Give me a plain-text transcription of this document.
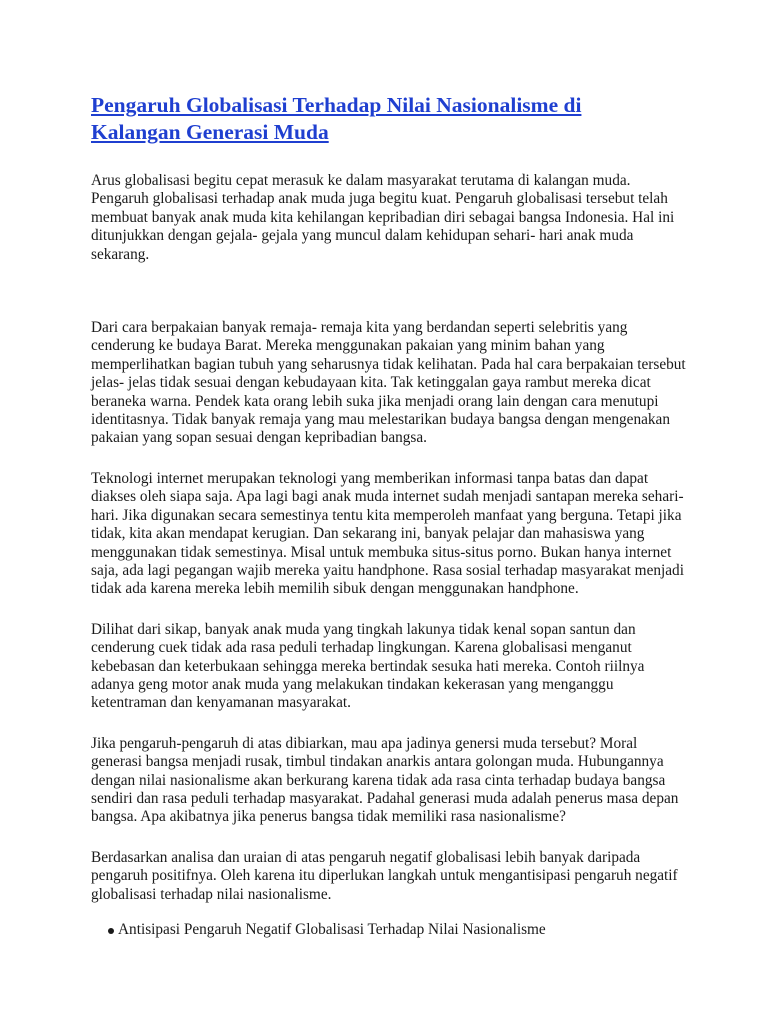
Pengaruh Globalisasi Terhadap Nilai Nasionalisme di
Kalangan Generasi Muda

Arus globalisasi begitu cepat merasuk ke dalam masyarakat terutama di kalangan muda. Pengaruh globalisasi terhadap anak muda juga begitu kuat. Pengaruh globalisasi tersebut telah membuat banyak anak muda kita kehilangan kepribadian diri sebagai bangsa Indonesia. Hal ini ditunjukkan dengan gejala- gejala yang muncul dalam kehidupan sehari- hari anak muda sekarang.

Dari cara berpakaian banyak remaja- remaja kita yang berdandan seperti selebritis yang cenderung ke budaya Barat. Mereka menggunakan pakaian yang minim bahan yang memperlihatkan bagian tubuh yang seharusnya tidak kelihatan. Pada hal cara berpakaian tersebut jelas- jelas tidak sesuai dengan kebudayaan kita. Tak ketinggalan gaya rambut mereka dicat beraneka warna. Pendek kata orang lebih suka jika menjadi orang lain dengan cara menutupi identitasnya. Tidak banyak remaja yang mau melestarikan budaya bangsa dengan mengenakan pakaian yang sopan sesuai dengan kepribadian bangsa.

Teknologi internet merupakan teknologi yang memberikan informasi tanpa batas dan dapat diakses oleh siapa saja. Apa lagi bagi anak muda internet sudah menjadi santapan mereka sehari-hari. Jika digunakan secara semestinya tentu kita memperoleh manfaat yang berguna. Tetapi jika tidak, kita akan mendapat kerugian. Dan sekarang ini, banyak pelajar dan mahasiswa yang menggunakan tidak semestinya. Misal untuk membuka situs-situs porno. Bukan hanya internet saja, ada lagi pegangan wajib mereka yaitu handphone. Rasa sosial terhadap masyarakat menjadi tidak ada karena mereka lebih memilih sibuk dengan menggunakan handphone.

Dilihat dari sikap, banyak anak muda yang tingkah lakunya tidak kenal sopan santun dan cenderung cuek tidak ada rasa peduli terhadap lingkungan. Karena globalisasi menganut kebebasan dan keterbukaan sehingga mereka bertindak sesuka hati mereka. Contoh riilnya adanya geng motor anak muda yang melakukan tindakan kekerasan yang menganggu ketentraman dan kenyamanan masyarakat.

Jika pengaruh-pengaruh di atas dibiarkan, mau apa jadinya genersi muda tersebut? Moral generasi bangsa menjadi rusak, timbul tindakan anarkis antara golongan muda. Hubungannya dengan nilai nasionalisme akan berkurang karena tidak ada rasa cinta terhadap budaya bangsa sendiri dan rasa peduli terhadap masyarakat. Padahal generasi muda adalah penerus masa depan bangsa. Apa akibatnya jika penerus bangsa tidak memiliki rasa nasionalisme?

Berdasarkan analisa dan uraian di atas pengaruh negatif globalisasi lebih banyak daripada pengaruh positifnya. Oleh karena itu diperlukan langkah untuk mengantisipasi pengaruh negatif globalisasi terhadap nilai nasionalisme.

Antisipasi Pengaruh Negatif Globalisasi Terhadap Nilai Nasionalisme
